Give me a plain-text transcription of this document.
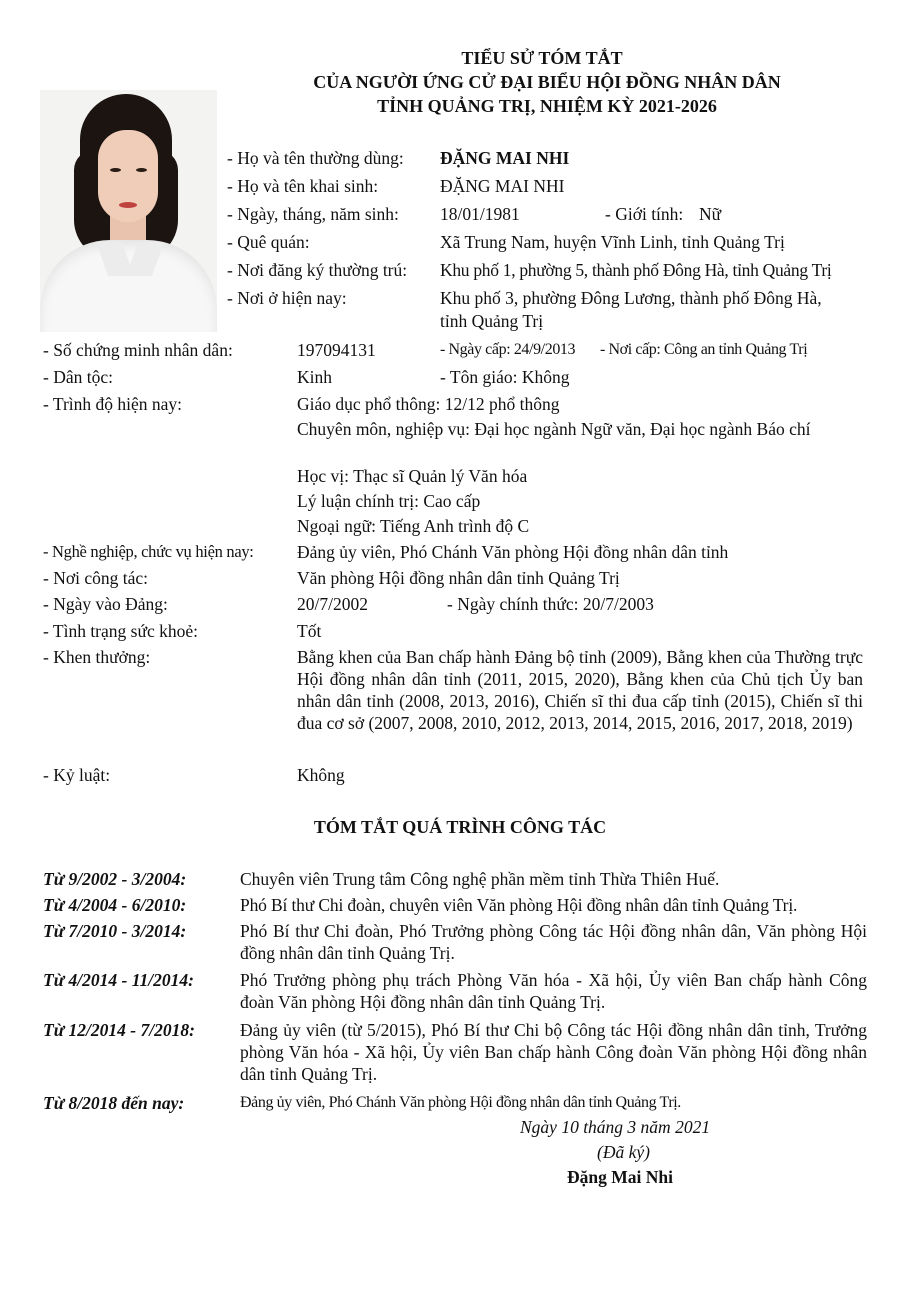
TIỂU SỬ TÓM TẮT
CỦA NGƯỜI ỨNG CỬ ĐẠI BIỂU HỘI ĐỒNG NHÂN DÂN
TỈNH QUẢNG TRỊ, NHIỆM KỲ 2021-2026
- Họ và tên thường dùng: ĐẶNG MAI NHI
- Họ và tên khai sinh:	ĐẶNG MAI NHI
- Ngày, tháng, năm sinh: 18/01/1981	- Giới tính: Nữ
- Quê quán:	Xã Trung Nam, huyện Vĩnh Linh, tỉnh Quảng Trị
- Nơi đăng ký thường trú: Khu phố 1, phường 5, thành phố Đông Hà, tỉnh Quảng Trị
- Nơi ở hiện nay:	Khu phố 3, phường Đông Lương, thành phố Đông Hà,
tỉnh Quảng Trị
- Số chứng minh nhân dân:	197094131	- Ngày cấp: 24/9/2013 - Nơi cấp: Công an tỉnh Quảng Trị
- Dân tộc:	Kinh	- Tôn giáo: Không
- Trình độ hiện nay:	Giáo dục phổ thông: 12/12 phổ thông
Chuyên môn, nghiệp vụ: Đại học ngành Ngữ văn, Đại học ngành Báo chí
Học vị: Thạc sĩ Quản lý Văn hóa
Lý luận chính trị: Cao cấp
Ngoại ngữ: Tiếng Anh trình độ C
- Nghề nghiệp, chức vụ hiện nay: Đảng ủy viên, Phó Chánh Văn phòng Hội đồng nhân dân tỉnh
- Nơi công tác:	Văn phòng Hội đồng nhân dân tỉnh Quảng Trị
- Ngày vào Đảng:	20/7/2002	- Ngày chính thức: 20/7/2003
- Tình trạng sức khoẻ:	Tốt
- Khen thưởng:	Bằng khen của Ban chấp hành Đảng bộ tỉnh (2009), Bằng khen của Thường trực Hội đồng nhân dân tỉnh (2011, 2015, 2020), Bằng khen của Chủ tịch Ủy ban nhân dân tỉnh (2008, 2013, 2016), Chiến sĩ thi đua cấp tỉnh (2015), Chiến sĩ thi đua cơ sở (2007, 2008, 2010, 2012, 2013, 2014, 2015, 2016, 2017, 2018, 2019)
- Kỷ luật:	Không
TÓM TẮT QUÁ TRÌNH CÔNG TÁC
Từ 9/2002 - 3/2004:	Chuyên viên Trung tâm Công nghệ phần mềm tỉnh Thừa Thiên Huế.
Từ 4/2004 - 6/2010:	Phó Bí thư Chi đoàn, chuyên viên Văn phòng Hội đồng nhân dân tỉnh Quảng Trị.
Từ 7/2010 - 3/2014:	Phó Bí thư Chi đoàn, Phó Trưởng phòng Công tác Hội đồng nhân dân, Văn phòng Hội đồng nhân dân tỉnh Quảng Trị.
Từ 4/2014 - 11/2014:	Phó Trưởng phòng phụ trách Phòng Văn hóa - Xã hội, Ủy viên Ban chấp hành Công đoàn Văn phòng Hội đồng nhân dân tỉnh Quảng Trị.
Từ 12/2014 - 7/2018:	Đảng ủy viên (từ 5/2015), Phó Bí thư Chi bộ Công tác Hội đồng nhân dân tỉnh, Trưởng phòng Văn hóa - Xã hội, Ủy viên Ban chấp hành Công đoàn Văn phòng Hội đồng nhân dân tỉnh Quảng Trị.
Từ 8/2018 đến nay:	Đảng ủy viên, Phó Chánh Văn phòng Hội đồng nhân dân tỉnh Quảng Trị.
Ngày 10 tháng 3 năm 2021
(Đã ký)
Đặng Mai Nhi
